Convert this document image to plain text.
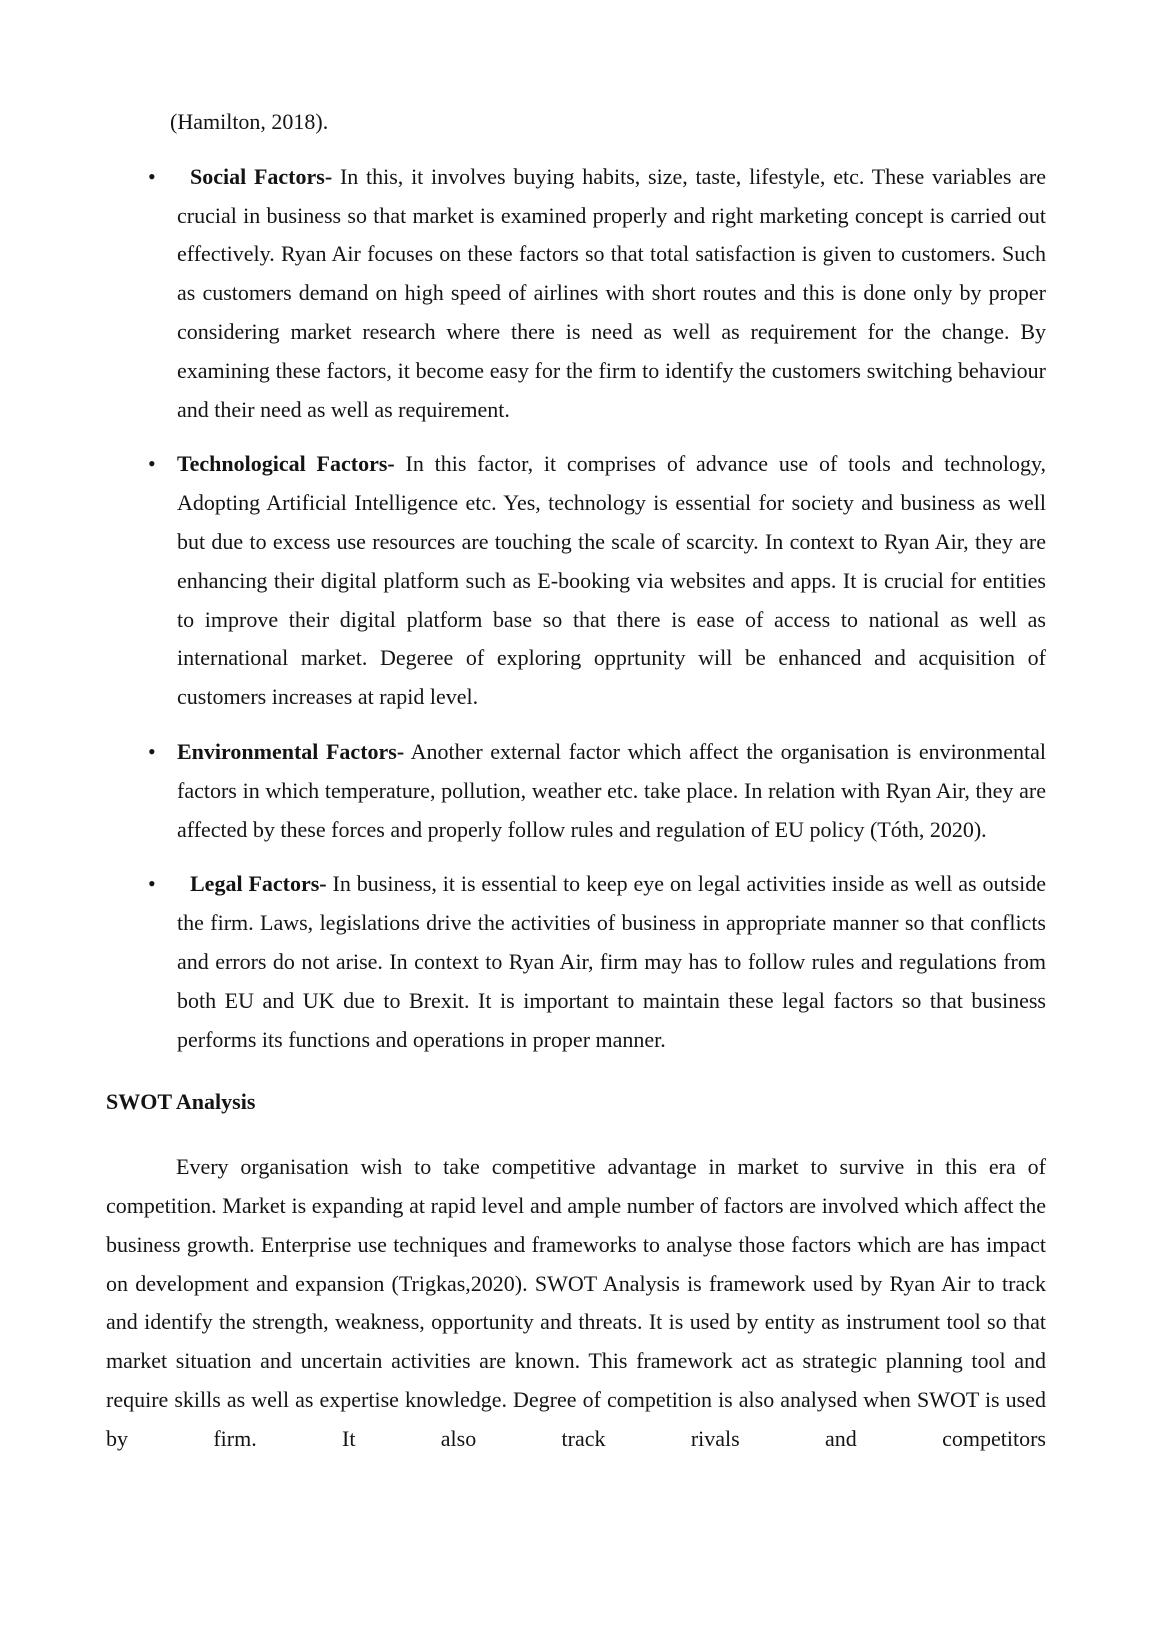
(Hamilton, 2018).

• Social Factors- In this, it involves buying habits, size, taste, lifestyle, etc. These variables are crucial in business so that market is examined properly and right marketing concept is carried out effectively. Ryan Air focuses on these factors so that total satisfaction is given to customers. Such as customers demand on high speed of airlines with short routes and this is done only by proper considering market research where there is need as well as requirement for the change. By examining these factors, it become easy for the firm to identify the customers switching behaviour and their need as well as requirement.
• Technological Factors- In this factor, it comprises of advance use of tools and technology, Adopting Artificial Intelligence etc. Yes, technology is essential for society and business as well but due to excess use resources are touching the scale of scarcity. In context to Ryan Air, they are enhancing their digital platform such as E-booking via websites and apps. It is crucial for entities to improve their digital platform base so that there is ease of access to national as well as international market. Degeree of exploring opprtunity will be enhanced and acquisition of customers increases at rapid level.
• Environmental Factors- Another external factor which affect the organisation is environmental factors in which temperature, pollution, weather etc. take place. In relation with Ryan Air, they are affected by these forces and properly follow rules and regulation of EU policy (Tóth, 2020).
• Legal Factors- In business, it is essential to keep eye on legal activities inside as well as outside the firm. Laws, legislations drive the activities of business in appropriate manner so that conflicts and errors do not arise. In context to Ryan Air, firm may has to follow rules and regulations from both EU and UK due to Brexit. It is important to maintain these legal factors so that business performs its functions and operations in proper manner.
SWOT Analysis

Every organisation wish to take competitive advantage in market to survive in this era of competition. Market is expanding at rapid level and ample number of factors are involved which affect the business growth. Enterprise use techniques and frameworks to analyse those factors which are has impact on development and expansion (Trigkas,2020). SWOT Analysis is framework used by Ryan Air to track and identify the strength, weakness, opportunity and threats. It is used by entity as instrument tool so that market situation and uncertain activities are known. This framework act as strategic planning tool and require skills as well as expertise knowledge. Degree of competition is also analysed when SWOT is used by firm. It also track rivals and competitors
